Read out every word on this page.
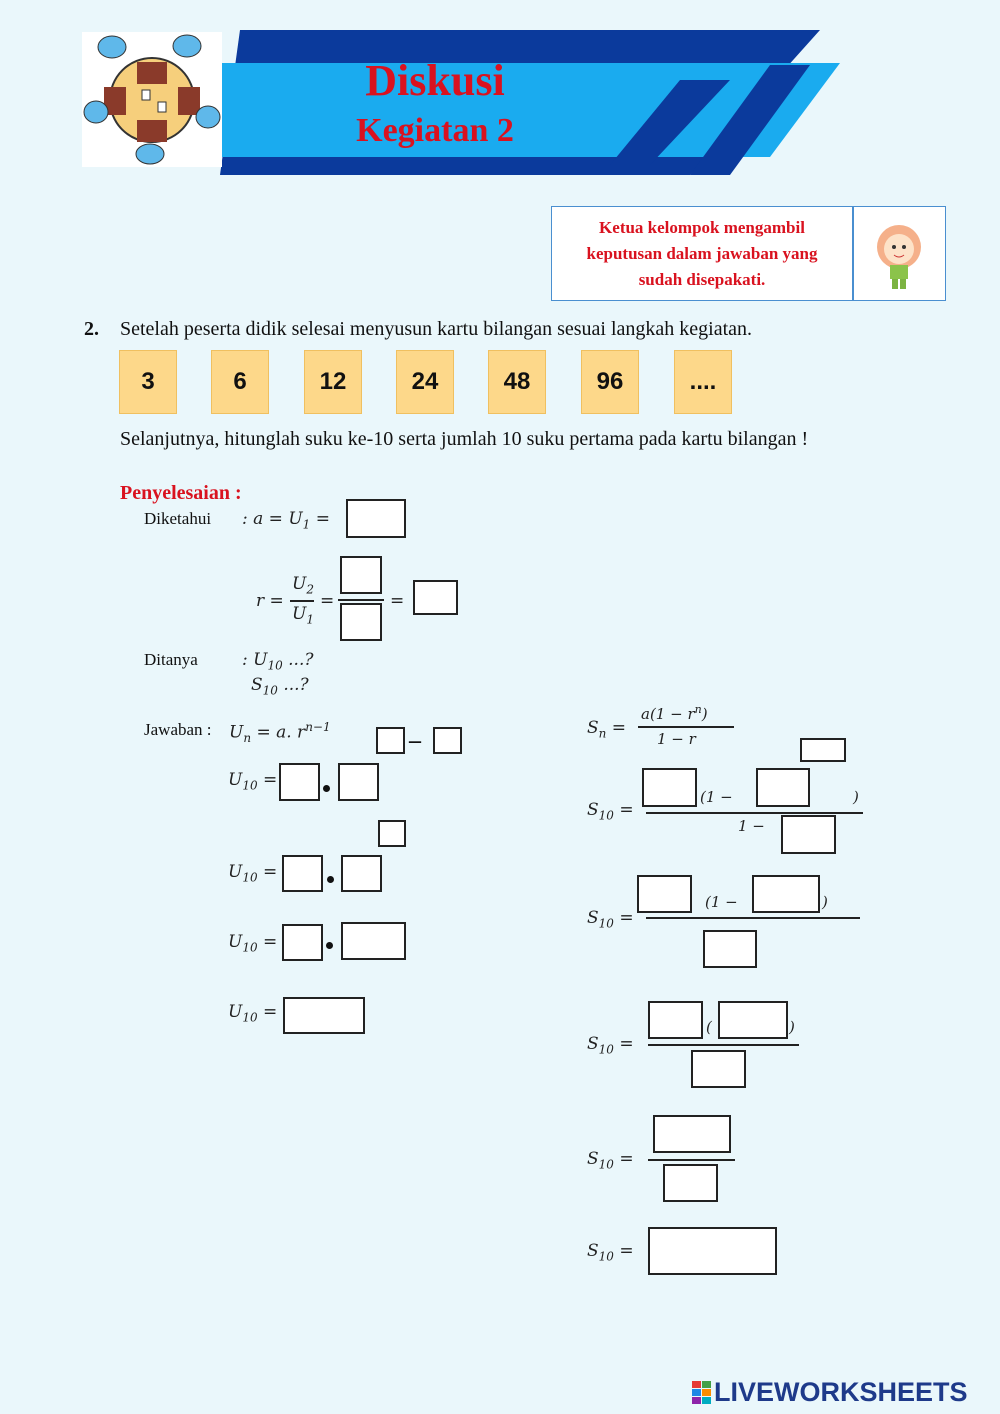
Diskusi
Kegiatan 2
Ketua kelompok mengambil keputusan dalam jawaban yang sudah disepakati.
2. Setelah peserta didik selesai menyusun kartu bilangan sesuai langkah kegiatan.
3	6	12	24	48	96	....
Selanjutnya, hitunglah suku ke-10 serta jumlah 10 suku pertama pada kartu bilangan !
Penyelesaian :
Diketahui : $a = U_1$ =
r =
$U_2$
$U_1$
=	=
Ditanya	: $U_{10}$ ...?
$S_{10}$ ...?
Jawaban : $U_n = a$. $r^{n-1}$
–
$U_{10}$ =
$U_{10}$ =
$U_{10}$ =
$U_{10}$ =
$S_n$ =
$a(1 - r^n)$
1 − r
$S_{10}$ =
(1 −	)
1 −
$S_{10}$ =
(1 −	)
$S_{10}$ =
(	)
$S_{10}$ =
$S_{10}$ =
LIVEWORKSHEETS
